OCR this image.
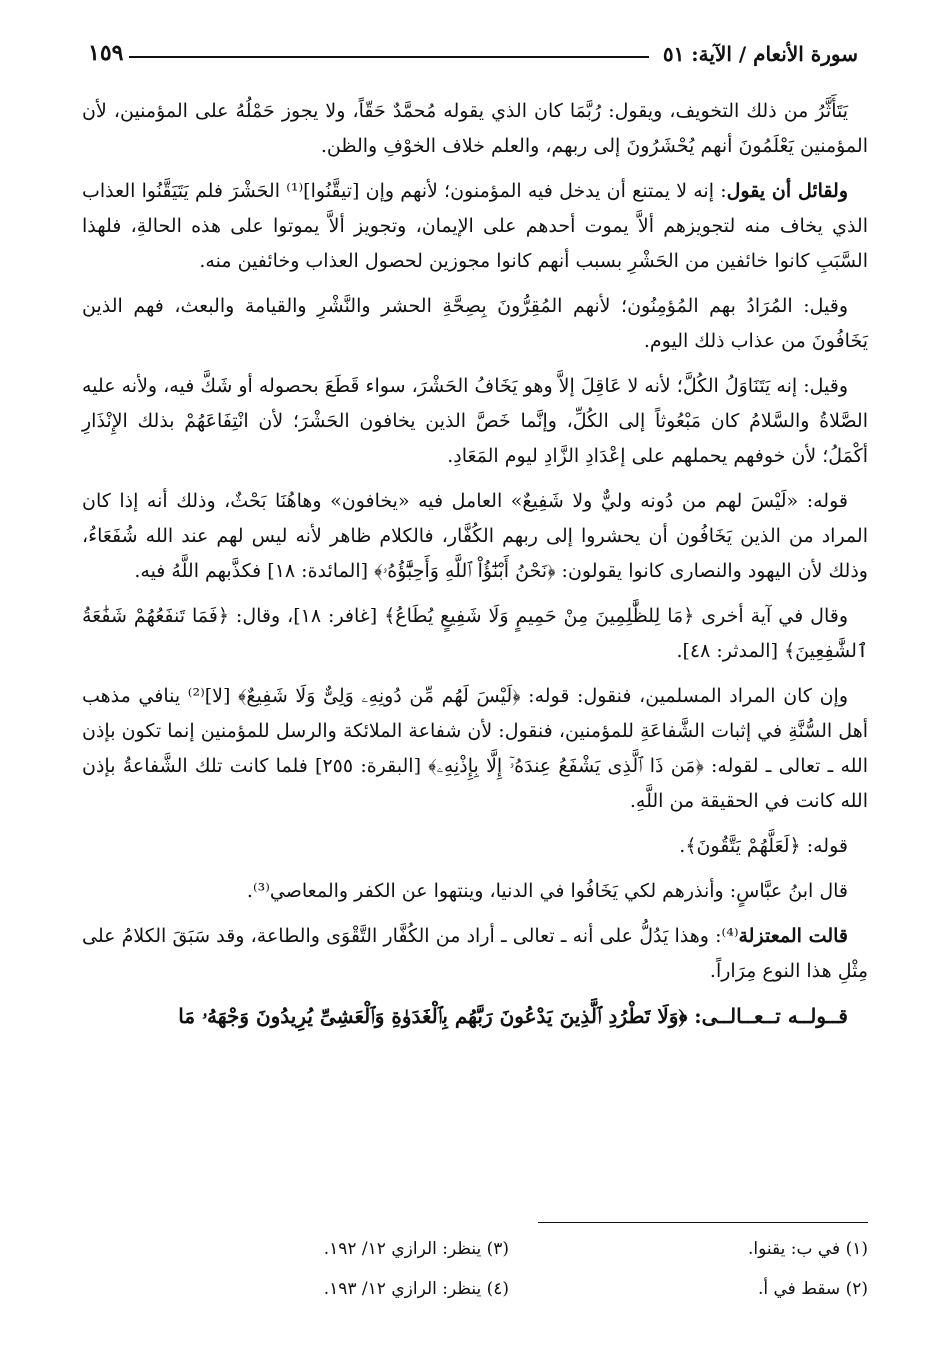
سورة الأنعام / الآية: ٥١
١٥٩

يَتَأَثَّرُ من ذلك التخويف، ويقول: رُبَّمَا كان الذي يقوله مُحمَّدٌ حَقّاً، ولا يجوز حَمْلُهُ على المؤمنين، لأن المؤمنين يَعْلَمُونَ أنهم يُحْشَرُونَ إلى ربهم، والعلم خلاف الخوْفِ والظن.

ولقائل أن يقول: إنه لا يمتنع أن يدخل فيه المؤمنون؛ لأنهم وإن [تيقَّنُوا]⁽¹⁾ الحَشْرَ فلم يَتَيَقَّنُوا العذاب الذي يخاف منه لتجويزهم ألاَّ يموت أحدهم على الإيمان، وتجويز ألاَّ يموتوا على هذه الحالةِ، فلهذا السَّبَبِ كانوا خائفين من الحَشْرِ بسبب أنهم كانوا مجوزين لحصول العذاب وخائفين منه.

وقيل: المُرَادُ بهم المُؤمِنُون؛ لأنهم المُقِرُّونَ بِصِحَّةِ الحشر والنَّشْرِ والقيامة والبعث، فهم الذين يَخَافُونَ من عذاب ذلك اليوم.

وقيل: إنه يَتَنَاوَلُ الكُلَّ؛ لأنه لا عَاقِلَ إلاَّ وهو يَخَافُ الحَشْرَ، سواء قَطَعَ بحصوله أو شَكَّ فيه، ولأنه عليه الصَّلاةُ والسَّلامُ كان مَبْعُوثاً إلى الكُلِّ، وإنَّما خَصَّ الذين يخافون الحَشْرَ؛ لأن انْتِفَاعَهُمْ بذلك الإِنْذَارِ أكْمَلُ؛ لأن خوفهم يحملهم على إعْدَادِ الزَّادِ ليوم المَعَادِ.

قوله: «لَيْسَ لهم من دُونه وليٌّ ولا شَفِيعٌ» العامل فيه «يخافون» وهاهُنَا بَحْثٌ، وذلك أنه إذا كان المراد من الذين يَخَافُون أن يحشروا إلى ربهم الكُفَّار، فالكلام ظاهر لأنه ليس لهم عند الله شُفَعَاءُ، وذلك لأن اليهود والنصارى كانوا يقولون: ﴿نَحْنُ أَبْنَٰٓؤُاْ ٱللَّهِ وَأَحِبَّٰٓؤُهُۥ﴾ [المائدة: ١٨] فكذَّبهم اللَّهُ فيه.

وقال في آية أخرى ﴿مَا لِلظَّٰلِمِينَ مِنْ حَمِيمٍ وَلَا شَفِيعٍ يُطَاعُ﴾ [غافر: ١٨]، وقال: ﴿فَمَا تَنفَعُهُمْ شَفَٰعَةُ ٱلشَّٰفِعِينَ﴾ [المدثر: ٤٨].

وإن كان المراد المسلمين، فنقول: قوله: ﴿لَيْسَ لَهُم مِّن دُونِهِۦ وَلِىٌّ وَلَا شَفِيعٌ﴾ [لا]⁽²⁾ ينافي مذهب أهل السُّنَّةِ في إثبات الشَّفاعَةِ للمؤمنين، فنقول: لأن شفاعة الملائكة والرسل للمؤمنين إنما تكون بإذن الله ـ تعالى ـ لقوله: ﴿مَن ذَا ٱلَّذِى يَشْفَعُ عِندَهُۥٓ إِلَّا بِإِذْنِهِۦ﴾ [البقرة: ٢٥٥] فلما كانت تلك الشَّفاعةُ بإذن الله كانت في الحقيقة من اللَّهِ.

قوله: ﴿لَعَلَّهُمْ يَتَّقُونَ﴾.

قال ابنُ عبَّاسٍ: وأنذرهم لكي يَخَافُوا في الدنيا، وينتهوا عن الكفر والمعاصي⁽³⁾.

قالت المعتزلة⁽⁴⁾: وهذا يَدُلُّ على أنه ـ تعالى ـ أراد من الكُفَّار التَّقْوَى والطاعة، وقد سَبَقَ الكلامُ على مِثْلِ هذا النوع مِرَاراً.

قــولــه تــعــالــى: ﴿وَلَا تَطْرُدِ ٱلَّذِينَ يَدْعُونَ رَبَّهُم بِٱلْغَدَوٰةِ وَٱلْعَشِىِّ يُرِيدُونَ وَجْهَهُۥ مَا

(١) في ب: يقنوا.
(٣) ينظر: الرازي ١٢/ ١٩٢.
(٢) سقط في أ.
(٤) ينظر: الرازي ١٢/ ١٩٣.
